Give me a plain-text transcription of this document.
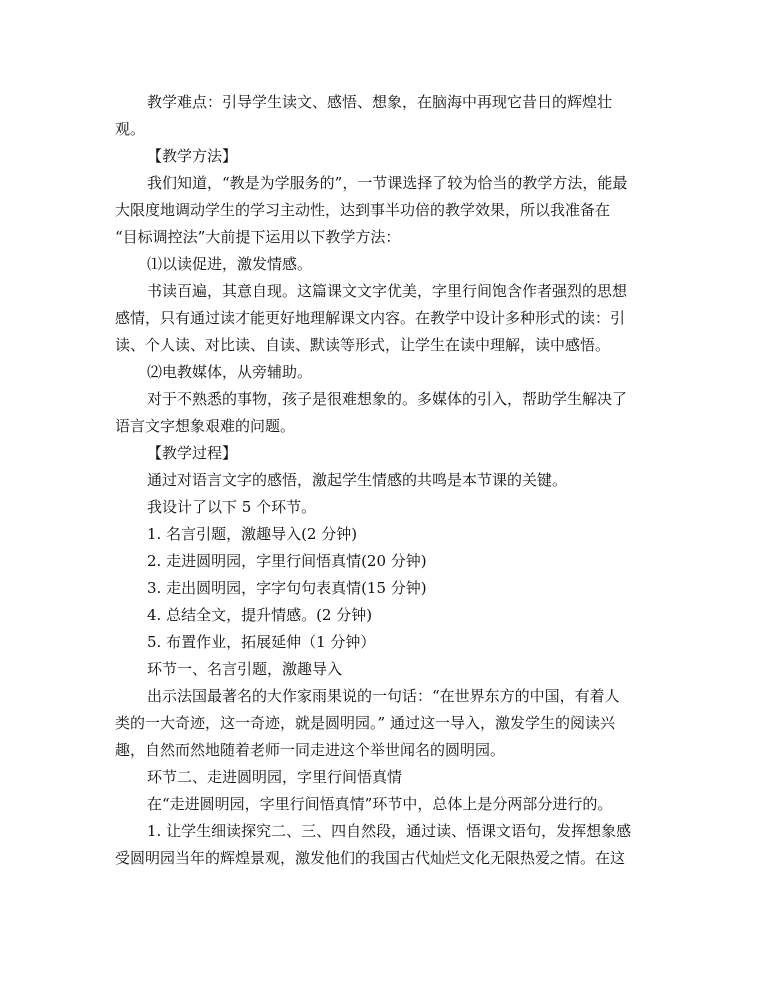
教学难点：引导学生读文、感悟、想象，在脑海中再现它昔日的辉煌壮
观。
【教学方法】
我们知道，“教是为学服务的”，一节课选择了较为恰当的教学方法，能最
大限度地调动学生的学习主动性，达到事半功倍的教学效果，所以我准备在
“目标调控法”大前提下运用以下教学方法：
⑴以读促进，激发情感。
书读百遍，其意自现。这篇课文文字优美，字里行间饱含作者强烈的思想
感情，只有通过读才能更好地理解课文内容。在教学中设计多种形式的读：引
读、个人读、对比读、自读、默读等形式，让学生在读中理解，读中感悟。
⑵电教媒体，从旁辅助。
对于不熟悉的事物，孩子是很难想象的。多媒体的引入，帮助学生解决了
语言文字想象艰难的问题。
【教学过程】
通过对语言文字的感悟，激起学生情感的共鸣是本节课的关键。
我设计了以下 5 个环节。
1. 名言引题，激趣导入(2 分钟)
2. 走进圆明园，字里行间悟真情(20 分钟)
3. 走出圆明园，字字句句表真情(15 分钟)
4. 总结全文，提升情感。(2 分钟)
5. 布置作业，拓展延伸（1 分钟）
环节一、名言引题，激趣导入
出示法国最著名的大作家雨果说的一句话：“在世界东方的中国，有着人
类的一大奇迹，这一奇迹，就是圆明园。” 通过这一导入，激发学生的阅读兴
趣，自然而然地随着老师一同走进这个举世闻名的圆明园。
环节二、走进圆明园，字里行间悟真情
在“走进圆明园，字里行间悟真情”环节中，总体上是分两部分进行的。
1. 让学生细读探究二、三、四自然段，通过读、悟课文语句，发挥想象感
受圆明园当年的辉煌景观，激发他们的我国古代灿烂文化无限热爱之情。在这
